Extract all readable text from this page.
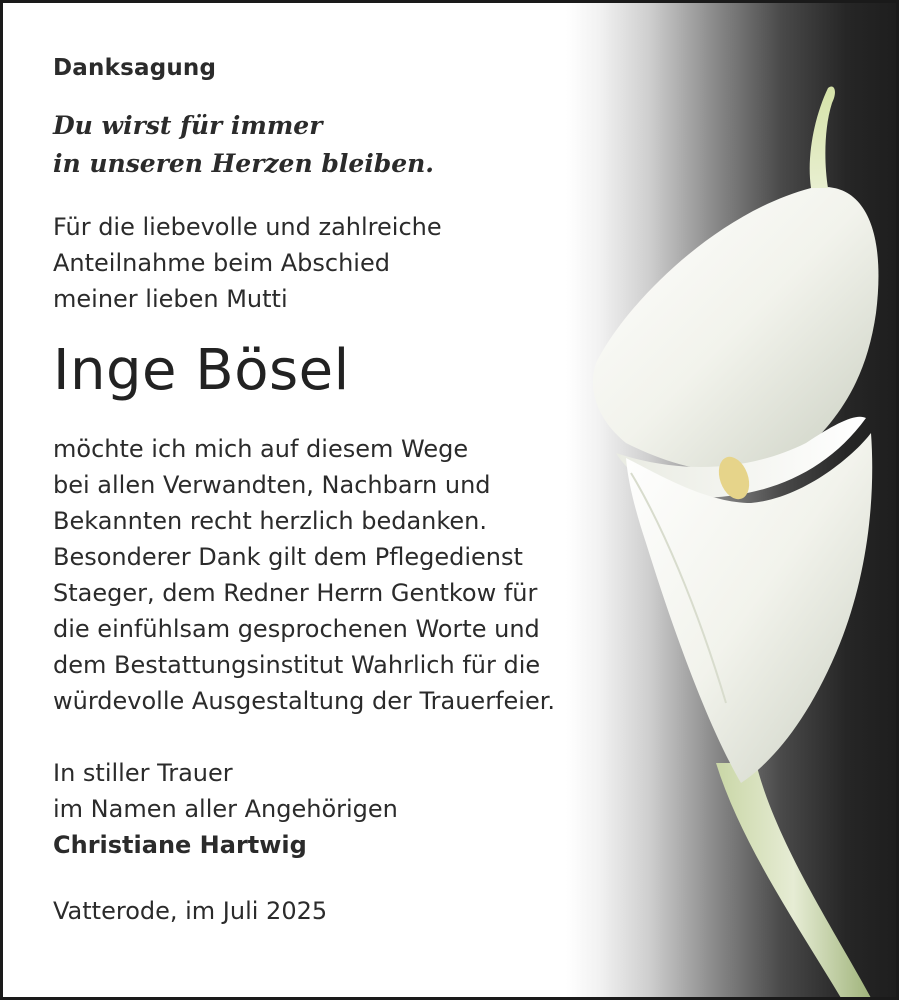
Danksagung
Du wirst für immer
in unseren Herzen bleiben.
Für die liebevolle und zahlreiche
Anteilnahme beim Abschied
meiner lieben Mutti
Inge Bösel
möchte ich mich auf diesem Wege
bei allen Verwandten, Nachbarn und
Bekannten recht herzlich bedanken.
Besonderer Dank gilt dem Pflegedienst
Staeger, dem Redner Herrn Gentkow für
die einfühlsam gesprochenen Worte und
dem Bestattungsinstitut Wahrlich für die
würdevolle Ausgestaltung der Trauerfeier.
In stiller Trauer
im Namen aller Angehörigen
Christiane Hartwig
Vatterode, im Juli 2025
